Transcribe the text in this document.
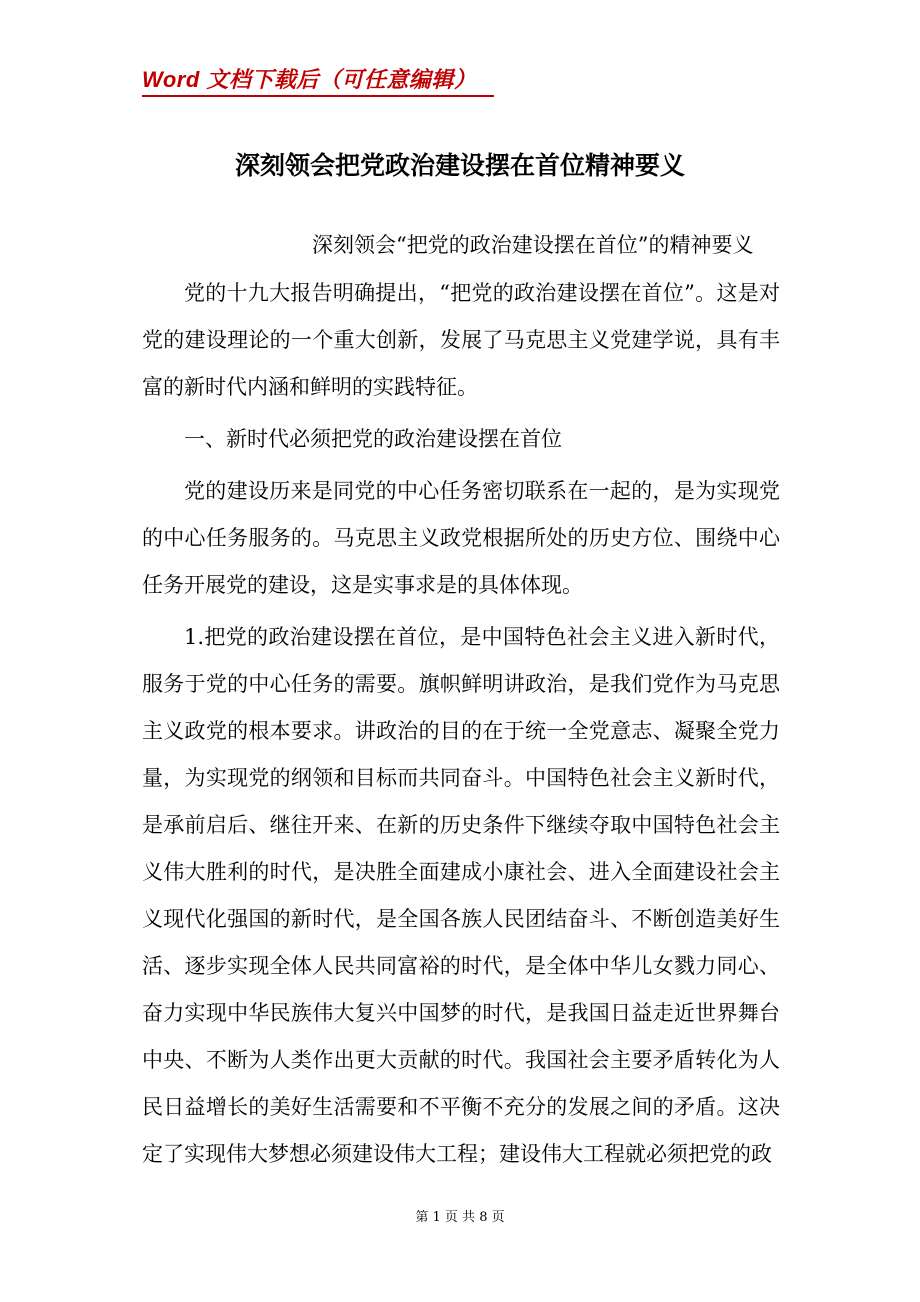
Word 文档下载后（可任意编辑）
深刻领会把党政治建设摆在首位精神要义
深刻领会“把党的政治建设摆在首位”的精神要义

党的十九大报告明确提出，“把党的政治建设摆在首位”。这是对党的建设理论的一个重大创新，发展了马克思主义党建学说，具有丰富的新时代内涵和鲜明的实践特征。

一、新时代必须把党的政治建设摆在首位

党的建设历来是同党的中心任务密切联系在一起的，是为实现党的中心任务服务的。马克思主义政党根据所处的历史方位、围绕中心任务开展党的建设，这是实事求是的具体体现。

1.把党的政治建设摆在首位，是中国特色社会主义进入新时代，服务于党的中心任务的需要。旗帜鲜明讲政治，是我们党作为马克思主义政党的根本要求。讲政治的目的在于统一全党意志、凝聚全党力量，为实现党的纲领和目标而共同奋斗。中国特色社会主义新时代，是承前启后、继往开来、在新的历史条件下继续夺取中国特色社会主义伟大胜利的时代，是决胜全面建成小康社会、进入全面建设社会主义现代化强国的新时代，是全国各族人民团结奋斗、不断创造美好生活、逐步实现全体人民共同富裕的时代，是全体中华儿女戮力同心、奋力实现中华民族伟大复兴中国梦的时代，是我国日益走近世界舞台中央、不断为人类作出更大贡献的时代。我国社会主要矛盾转化为人民日益增长的美好生活需要和不平衡不充分的发展之间的矛盾。这决定了实现伟大梦想必须建设伟大工程；建设伟大工程就必须把党的政

第 1 页 共 8 页
